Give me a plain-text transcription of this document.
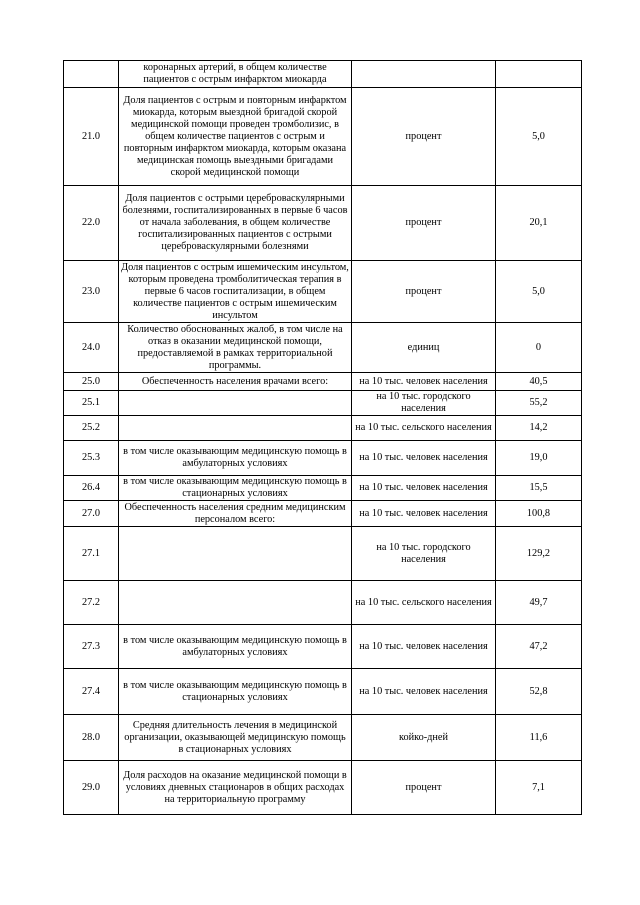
	коронарных артерий, в общем количестве пациентов с острым инфарктом миокарда		
21.0	Доля пациентов с острым и повторным инфарктом миокарда, которым выездной бригадой скорой медицинской помощи проведен тромболизис, в общем количестве пациентов с острым и повторным инфарктом миокарда, которым оказана медицинская помощь выездными бригадами скорой медицинской помощи	процент	5,0
22.0	Доля пациентов с острыми цереброваскулярными болезнями, госпитализированных в первые 6 часов от начала заболевания, в общем количестве госпитализированных пациентов с острыми цереброваскулярными болезнями	процент	20,1
23.0	Доля пациентов с острым ишемическим инсультом, которым проведена тромболитическая терапия в первые 6 часов госпитализации, в общем количестве пациентов с острым ишемическим инсультом	процент	5,0
24.0	Количество обоснованных жалоб, в том числе на отказ в оказании медицинской помощи, предоставляемой в рамках территориальной программы.	единиц	0
25.0	Обеспеченность населения врачами всего:	на 10 тыс. человек населения	40,5
25.1		на 10 тыс. городского населения	55,2
25.2		на 10 тыс. сельского населения	14,2
25.3	в том числе оказывающим медицинскую помощь в амбулаторных условиях	на 10 тыс. человек населения	19,0
26.4	в том числе оказывающим медицинскую помощь в стационарных условиях	на 10 тыс. человек населения	15,5
27.0	Обеспеченность населения средним медицинским персоналом всего:	на 10 тыс. человек населения	100,8
27.1		на 10 тыс. городского населения	129,2
27.2		на 10 тыс. сельского населения	49,7
27.3	в том числе оказывающим медицинскую помощь в амбулаторных условиях	на 10 тыс. человек населения	47,2
27.4	в том числе оказывающим медицинскую помощь в стационарных условиях	на 10 тыс. человек населения	52,8
28.0	Средняя длительность лечения в медицинской организации, оказывающей медицинскую помощь в стационарных условиях	койко-дней	11,6
29.0	Доля расходов на оказание медицинской помощи в условиях дневных стационаров в общих расходах на территориальную программу	процент	7,1
